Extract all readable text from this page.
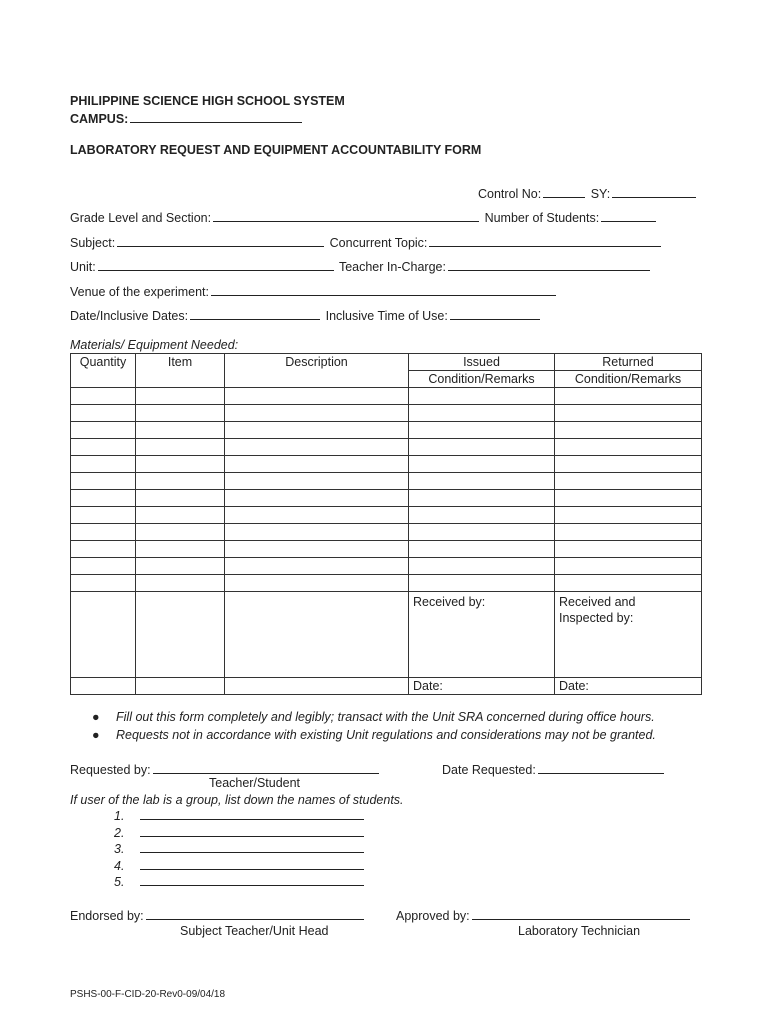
PHILIPPINE SCIENCE HIGH SCHOOL SYSTEM
CAMPUS:
LABORATORY REQUEST AND EQUIPMENT ACCOUNTABILITY FORM
Control No:	SY:
Grade Level and Section:	Number of Students:
Subject:	Concurrent Topic:
Unit:	Teacher In-Charge:
Venue of the experiment:
Date/Inclusive Dates:	Inclusive Time of Use:
Materials/ Equipment Needed:
Quantity	Item	Description	Issued	Returned
			Condition/Remarks	Condition/Remarks

			Received by:	Received and Inspected by:
			Date:	Date:
● Fill out this form completely and legibly; transact with the Unit SRA concerned during office hours.
● Requests not in accordance with existing Unit regulations and considerations may not be granted.
Requested by:	Date Requested:
Teacher/Student
If user of the lab is a group, list down the names of students.
1.
2.
3.
4.
5.
Endorsed by:
Subject Teacher/Unit Head
Approved by:
Laboratory Technician
PSHS-00-F-CID-20-Rev0-09/04/18
